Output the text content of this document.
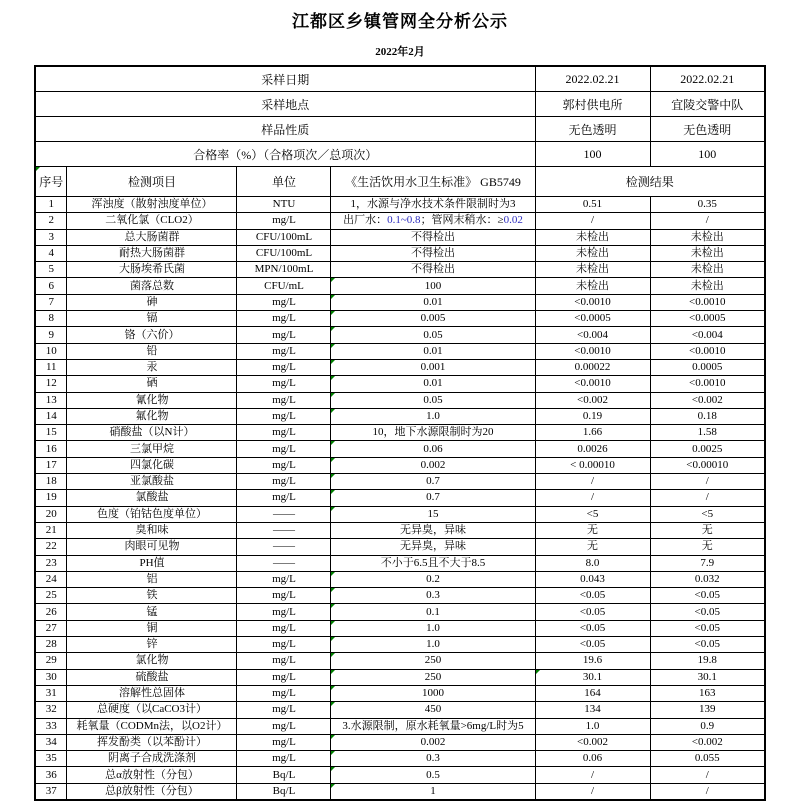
江都区乡镇管网全分析公示
2022年2月
采样日期				2022.02.21	2022.02.21
采样地点				郭村供电所	宜陵交警中队
样品性质				无色透明	无色透明
合格率（%）（合格项次／总项次）				100	100

序号	检测项目	单位	《生活饮用水卫生标准》 GB5749	检测结果	
1	浑浊度（散射浊度单位）	NTU	1，水源与净水技术条件限制时为3	0.51	0.35
2	二氧化氯（CLO2）	mg/L	出厂水：0.1~0.8；管网末稍水：≥0.02	/	/
3	总大肠菌群	CFU/100mL	不得检出	未检出	未检出
4	耐热大肠菌群	CFU/100mL	不得检出	未检出	未检出
5	大肠埃希氏菌	MPN/100mL	不得检出	未检出	未检出
6	菌落总数	CFU/mL	100	未检出	未检出
7	砷	mg/L	0.01	<0.0010	<0.0010
8	镉	mg/L	0.005	<0.0005	<0.0005
9	铬（六价）	mg/L	0.05	<0.004	<0.004
10	铅	mg/L	0.01	<0.0010	<0.0010
11	汞	mg/L	0.001	0.00022	0.0005
12	硒	mg/L	0.01	<0.0010	<0.0010
13	氰化物	mg/L	0.05	<0.002	<0.002
14	氟化物	mg/L	1.0	0.19	0.18
15	硝酸盐（以N计）	mg/L	10，地下水源限制时为20	1.66	1.58
16	三氯甲烷	mg/L	0.06	0.0026	0.0025
17	四氯化碳	mg/L	0.002	< 0.00010	<0.00010
18	亚氯酸盐	mg/L	0.7	/	/
19	氯酸盐	mg/L	0.7	/	/
20	色度（铂钴色度单位）	——	15	<5	<5
21	臭和味	——	无异臭，异味	无	无
22	肉眼可见物	——	无异臭，异味	无	无
23	PH值	——	不小于6.5且不大于8.5	8.0	7.9
24	铝	mg/L	0.2	0.043	0.032
25	铁	mg/L	0.3	<0.05	<0.05
26	锰	mg/L	0.1	<0.05	<0.05
27	铜	mg/L	1.0	<0.05	<0.05
28	锌	mg/L	1.0	<0.05	<0.05
29	氯化物	mg/L	250	19.6	19.8
30	硫酸盐	mg/L	250	30.1	30.1
31	溶解性总固体	mg/L	1000	164	163
32	总硬度（以CaCO3计）	mg/L	450	134	139
33	耗氧量（CODMn法，以O2计）	mg/L	3.水源限制，原水耗氧量>6mg/L时为5	1.0	0.9
34	挥发酚类（以苯酚计）	mg/L	0.002	<0.002	<0.002
35	阴离子合成洗涤剂	mg/L	0.3	0.06	0.055
36	总α放射性（分包）	Bq/L	0.5	/	/
37	总β放射性（分包）	Bq/L	1	/	/
